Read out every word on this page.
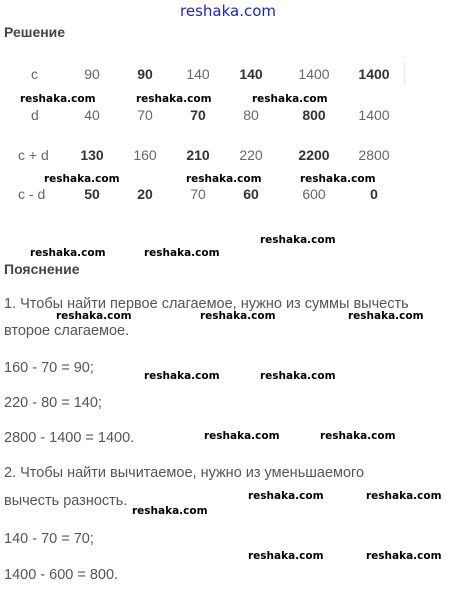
reshaka.com
Решение
c	90	90	140	140	1400	1400
d	40	70	70	80	800	1400
c + d	130	160	210	220	2200	2800
c - d	50	20	70	60	600	0
Пояснение
1. Чтобы найти первое слагаемое, нужно из суммы вычесть
второе слагаемое.
160 - 70 = 90;
220 - 80 = 140;
2800 - 1400 = 1400.
2. Чтобы найти вычитаемое, нужно из уменьшаемого
вычесть разность.
140 - 70 = 70;
1400 - 600 = 800.
reshaka.com	reshaka.com	reshaka.com
reshaka.com	reshaka.com	reshaka.com
reshaka.com	reshaka.com
reshaka.com
reshaka.com	reshaka.com	reshaka.com
reshaka.com	reshaka.com
reshaka.com	reshaka.com
reshaka.com	reshaka.com
reshaka.com
reshaka.com	reshaka.com
